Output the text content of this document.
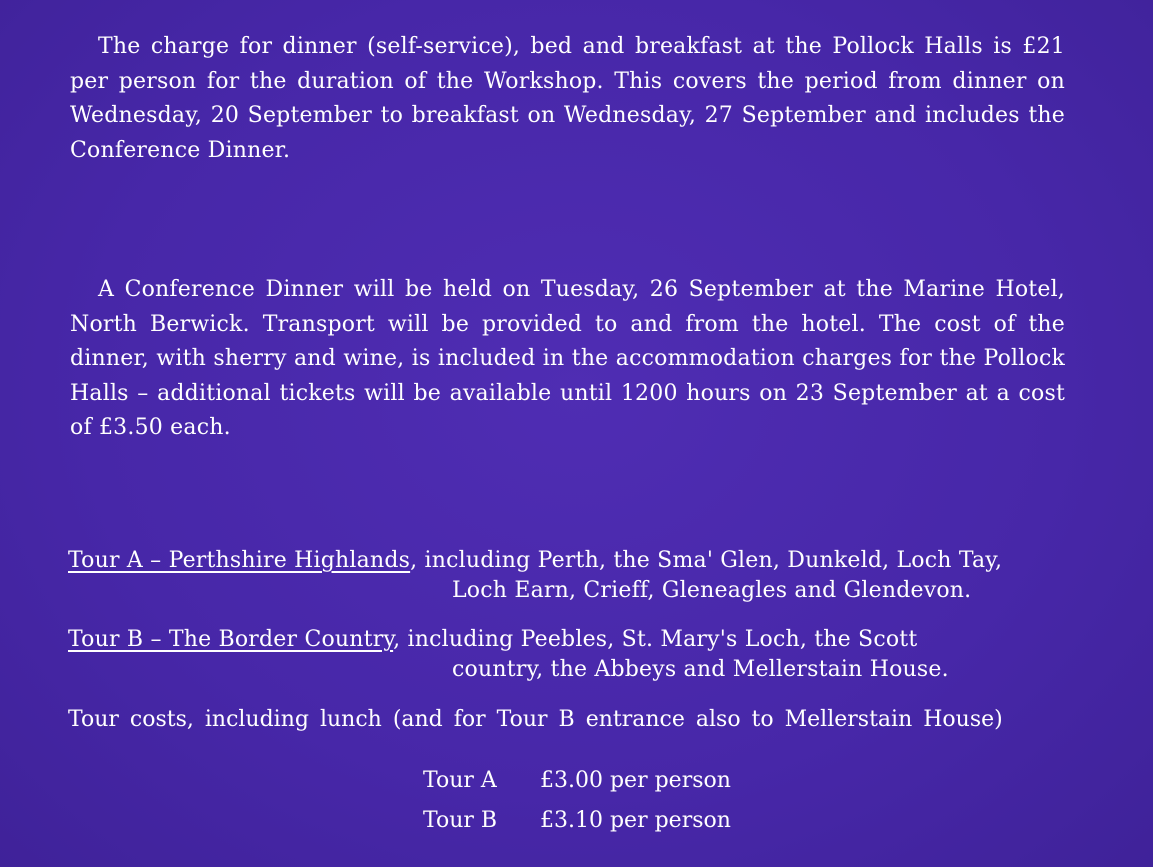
The charge for dinner (self-service), bed and breakfast at the Pollock Halls is £21 per person for the duration of the Workshop. This covers the period from dinner on Wednesday, 20 September to breakfast on Wednesday, 27 September and includes the Conference Dinner.
A Conference Dinner will be held on Tuesday, 26 September at the Marine Hotel, North Berwick. Transport will be provided to and from the hotel. The cost of the dinner, with sherry and wine, is included in the accommodation charges for the Pollock Halls – additional tickets will be available until 1200 hours on 23 September at a cost of £3.50 each.
Tour A – Perthshire Highlands, including Perth, the Sma' Glen, Dunkeld, Loch Tay,
Loch Earn, Crieff, Gleneagles and Glendevon.
Tour B – The Border Country, including Peebles, St. Mary's Loch, the Scott
country, the Abbeys and Mellerstain House.
Tour costs, including lunch (and for Tour B entrance also to Mellerstain House)
Tour A £3.00 per person
Tour B £3.10 per person
